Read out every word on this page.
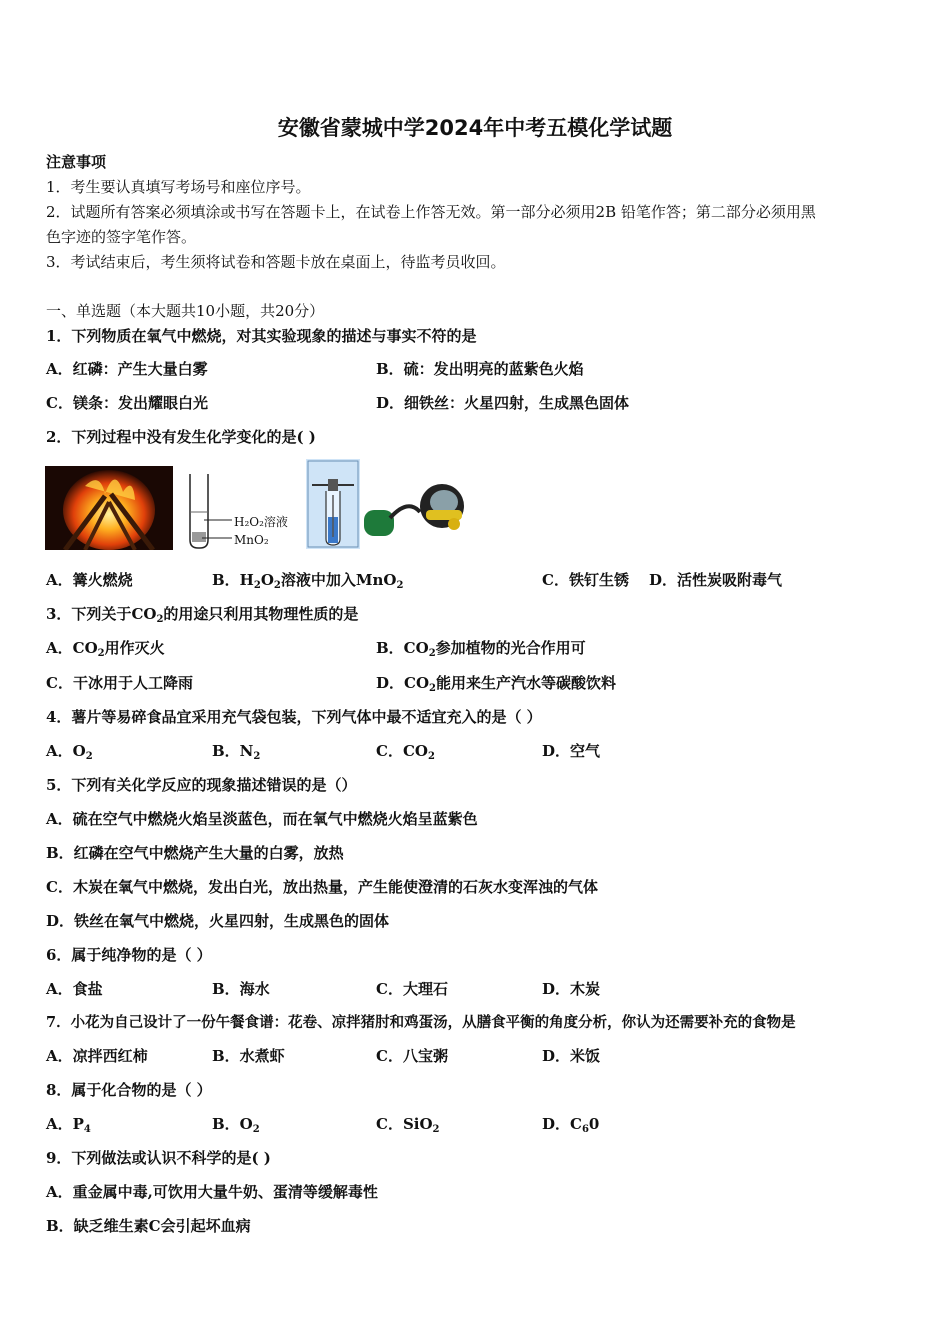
安徽省蒙城中学2024年中考五模化学试题
注意事项
1．考生要认真填写考场号和座位序号。
2．试题所有答案必须填涂或书写在答题卡上，在试卷上作答无效。第一部分必须用2B 铅笔作答；第二部分必须用黑
色字迹的签字笔作答。
3．考试结束后，考生须将试卷和答题卡放在桌面上，待监考员收回。
一、单选题（本大题共10小题，共20分）
1．下列物质在氧气中燃烧，对其实验现象的描述与事实不符的是
A．红磷：产生大量白雾	B．硫：发出明亮的蓝紫色火焰
C．镁条：发出耀眼白光	D．细铁丝：火星四射，生成黑色固体
2．下列过程中没有发生化学变化的是( )
H₂O₂溶液
MnO₂
A．篝火燃烧	B．$H_2O_2$溶液中加入MnO$_2$	C．铁钉生锈 D．活性炭吸附毒气
3．下列关于$CO_2$的用途只利用其物理性质的是
A．$CO_2$用作灭火	B．$CO_2$参加植物的光合作用可
C．干冰用于人工降雨	D．$CO_2$能用来生产汽水等碳酸饮料
4．薯片等易碎食品宜采用充气袋包装，下列气体中最不适宜充入的是（ ）
A．$O_2$	B．$N_2$	C．$CO_2$	D．空气
5．下列有关化学反应的现象描述错误的是（）
A．硫在空气中燃烧火焰呈淡蓝色，而在氧气中燃烧火焰呈蓝紫色
B．红磷在空气中燃烧产生大量的白雾，放热
C．木炭在氧气中燃烧，发出白光，放出热量，产生能使澄清的石灰水变浑浊的气体
D．铁丝在氧气中燃烧，火星四射，生成黑色的固体
6．属于纯净物的是（ ）
A．食盐	B．海水	C．大理石	D．木炭
7．小花为自己设计了一份午餐食谱：花卷、凉拌猪肘和鸡蛋汤，从膳食平衡的角度分析，你认为还需要补充的食物是
A．凉拌西红柿	B．水煮虾	C．八宝粥	D．米饭
8．属于化合物的是（ ）
A．$P_4$	B．$O_2$	C．SiO$_2$	D．$C_60$
9．下列做法或认识不科学的是( )
A．重金属中毒,可饮用大量牛奶、蛋清等缓解毒性
B．缺乏维生素C会引起坏血病
